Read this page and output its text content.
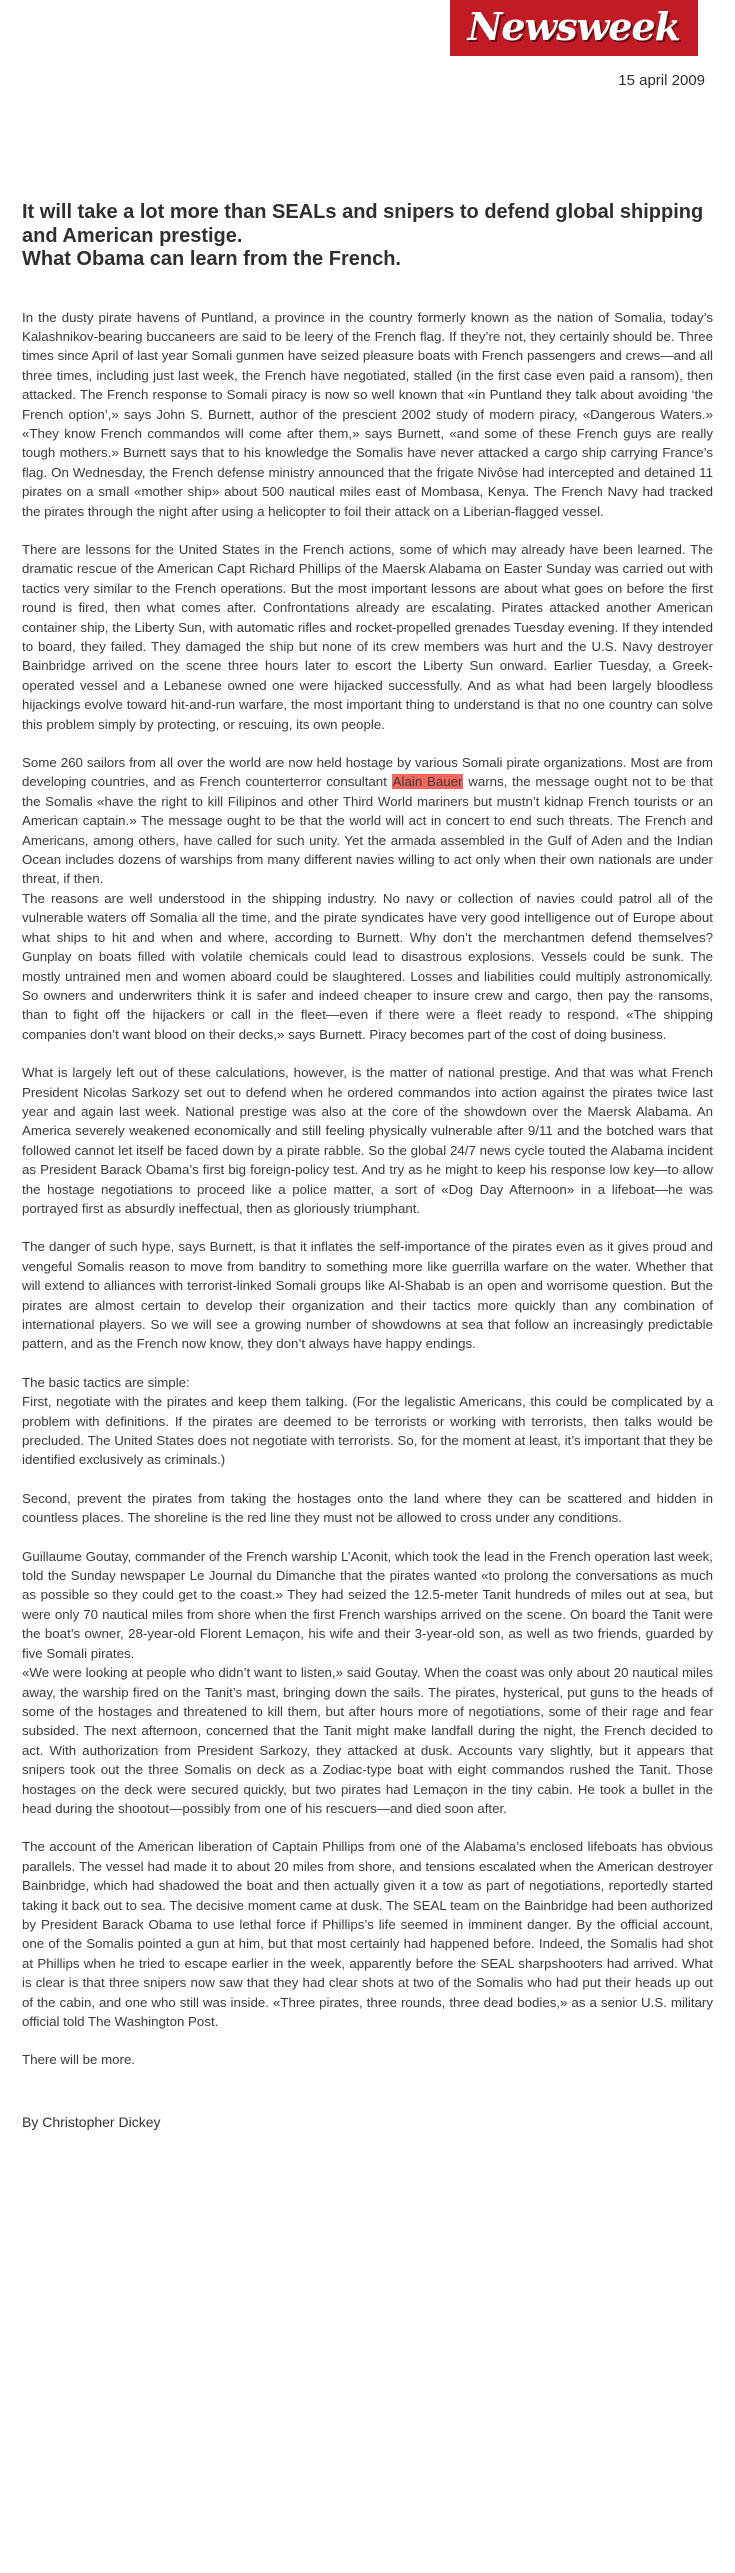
Newsweek
15 april 2009
It will take a lot more than SEALs and snipers to defend global shipping and American prestige.
What Obama can learn from the French.

In the dusty pirate havens of Puntland, a province in the country formerly known as the nation of Somalia, today’s Kalashnikov-bearing buccaneers are said to be leery of the French flag. If they’re not, they certainly should be. Three times since April of last year Somali gunmen have seized pleasure boats with French passengers and crews—and all three times, including just last week, the French have negotiated, stalled (in the first case even paid a ransom), then attacked. The French response to Somali piracy is now so well known that «in Puntland they talk about avoiding ‘the French option’,» says John S. Burnett, author of the prescient 2002 study of modern piracy, «Dangerous Waters.» «They know French commandos will come after them,» says Burnett, «and some of these French guys are really tough mothers.» Burnett says that to his knowledge the Somalis have never attacked a cargo ship carrying France’s flag. On Wednesday, the French defense ministry announced that the frigate Nivôse had intercepted and detained 11 pirates on a small «mother ship» about 500 nautical miles east of Mombasa, Kenya. The French Navy had tracked the pirates through the night after using a helicopter to foil their attack on a Liberian-flagged vessel.

There are lessons for the United States in the French actions, some of which may already have been learned. The dramatic rescue of the American Capt Richard Phillips of the Maersk Alabama on Easter Sunday was carried out with tactics very similar to the French operations. But the most important lessons are about what goes on before the first round is fired, then what comes after. Confrontations already are escalating. Pirates attacked another American container ship, the Liberty Sun, with automatic rifles and rocket-propelled grenades Tuesday evening. If they intended to board, they failed. They damaged the ship but none of its crew members was hurt and the U.S. Navy destroyer Bainbridge arrived on the scene three hours later to escort the Liberty Sun onward. Earlier Tuesday, a Greek-operated vessel and a Lebanese owned one were hijacked successfully. And as what had been largely bloodless hijackings evolve toward hit-and-run warfare, the most important thing to understand is that no one country can solve this problem simply by protecting, or rescuing, its own people.

Some 260 sailors from all over the world are now held hostage by various Somali pirate organizations. Most are from developing countries, and as French counterterror consultant Alain Bauer warns, the message ought not to be that the Somalis «have the right to kill Filipinos and other Third World mariners but mustn’t kidnap French tourists or an American captain.» The message ought to be that the world will act in concert to end such threats. The French and Americans, among others, have called for such unity. Yet the armada assembled in the Gulf of Aden and the Indian Ocean includes dozens of warships from many different navies willing to act only when their own nationals are under threat, if then.

The reasons are well understood in the shipping industry. No navy or collection of navies could patrol all of the vulnerable waters off Somalia all the time, and the pirate syndicates have very good intelligence out of Europe about what ships to hit and when and where, according to Burnett. Why don’t the merchantmen defend themselves? Gunplay on boats filled with volatile chemicals could lead to disastrous explosions. Vessels could be sunk. The mostly untrained men and women aboard could be slaughtered. Losses and liabilities could multiply astronomically. So owners and underwriters think it is safer and indeed cheaper to insure crew and cargo, then pay the ransoms, than to fight off the hijackers or call in the fleet—even if there were a fleet ready to respond. «The shipping companies don’t want blood on their decks,» says Burnett. Piracy becomes part of the cost of doing business.

What is largely left out of these calculations, however, is the matter of national prestige. And that was what French President Nicolas Sarkozy set out to defend when he ordered commandos into action against the pirates twice last year and again last week. National prestige was also at the core of the showdown over the Maersk Alabama. An America severely weakened economically and still feeling physically vulnerable after 9/11 and the botched wars that followed cannot let itself be faced down by a pirate rabble. So the global 24/7 news cycle touted the Alabama incident as President Barack Obama’s first big foreign-policy test. And try as he might to keep his response low key—to allow the hostage negotiations to proceed like a police matter, a sort of «Dog Day Afternoon» in a lifeboat—he was portrayed first as absurdly ineffectual, then as gloriously triumphant.

The danger of such hype, says Burnett, is that it inflates the self-importance of the pirates even as it gives proud and vengeful Somalis reason to move from banditry to something more like guerrilla warfare on the water. Whether that will extend to alliances with terrorist-linked Somali groups like Al-Shabab is an open and worrisome question. But the pirates are almost certain to develop their organization and their tactics more quickly than any combination of international players. So we will see a growing number of showdowns at sea that follow an increasingly predictable pattern, and as the French now know, they don’t always have happy endings.

The basic tactics are simple:

First, negotiate with the pirates and keep them talking. (For the legalistic Americans, this could be complicated by a problem with definitions. If the pirates are deemed to be terrorists or working with terrorists, then talks would be precluded. The United States does not negotiate with terrorists. So, for the moment at least, it’s important that they be identified exclusively as criminals.)

Second, prevent the pirates from taking the hostages onto the land where they can be scattered and hidden in countless places. The shoreline is the red line they must not be allowed to cross under any conditions.

Guillaume Goutay, commander of the French warship L’Aconit, which took the lead in the French operation last week, told the Sunday newspaper Le Journal du Dimanche that the pirates wanted «to prolong the conversations as much as possible so they could get to the coast.» They had seized the 12.5-meter Tanit hundreds of miles out at sea, but were only 70 nautical miles from shore when the first French warships arrived on the scene. On board the Tanit were the boat’s owner, 28-year-old Florent Lemaçon, his wife and their 3-year-old son, as well as two friends, guarded by five Somali pirates.

«We were looking at people who didn’t want to listen,» said Goutay. When the coast was only about 20 nautical miles away, the warship fired on the Tanit’s mast, bringing down the sails. The pirates, hysterical, put guns to the heads of some of the hostages and threatened to kill them, but after hours more of negotiations, some of their rage and fear subsided. The next afternoon, concerned that the Tanit might make landfall during the night, the French decided to act. With authorization from President Sarkozy, they attacked at dusk. Accounts vary slightly, but it appears that snipers took out the three Somalis on deck as a Zodiac-type boat with eight commandos rushed the Tanit. Those hostages on the deck were secured quickly, but two pirates had Lemaçon in the tiny cabin. He took a bullet in the head during the shootout—possibly from one of his rescuers—and died soon after.

The account of the American liberation of Captain Phillips from one of the Alabama’s enclosed lifeboats has obvious parallels. The vessel had made it to about 20 miles from shore, and tensions escalated when the American destroyer Bainbridge, which had shadowed the boat and then actually given it a tow as part of negotiations, reportedly started taking it back out to sea. The decisive moment came at dusk. The SEAL team on the Bainbridge had been authorized by President Barack Obama to use lethal force if Phillips’s life seemed in imminent danger. By the official account, one of the Somalis pointed a gun at him, but that most certainly had happened before. Indeed, the Somalis had shot at Phillips when he tried to escape earlier in the week, apparently before the SEAL sharpshooters had arrived. What is clear is that three snipers now saw that they had clear shots at two of the Somalis who had put their heads up out of the cabin, and one who still was inside. «Three pirates, three rounds, three dead bodies,» as a senior U.S. military official told The Washington Post.

There will be more.

By Christopher Dickey
